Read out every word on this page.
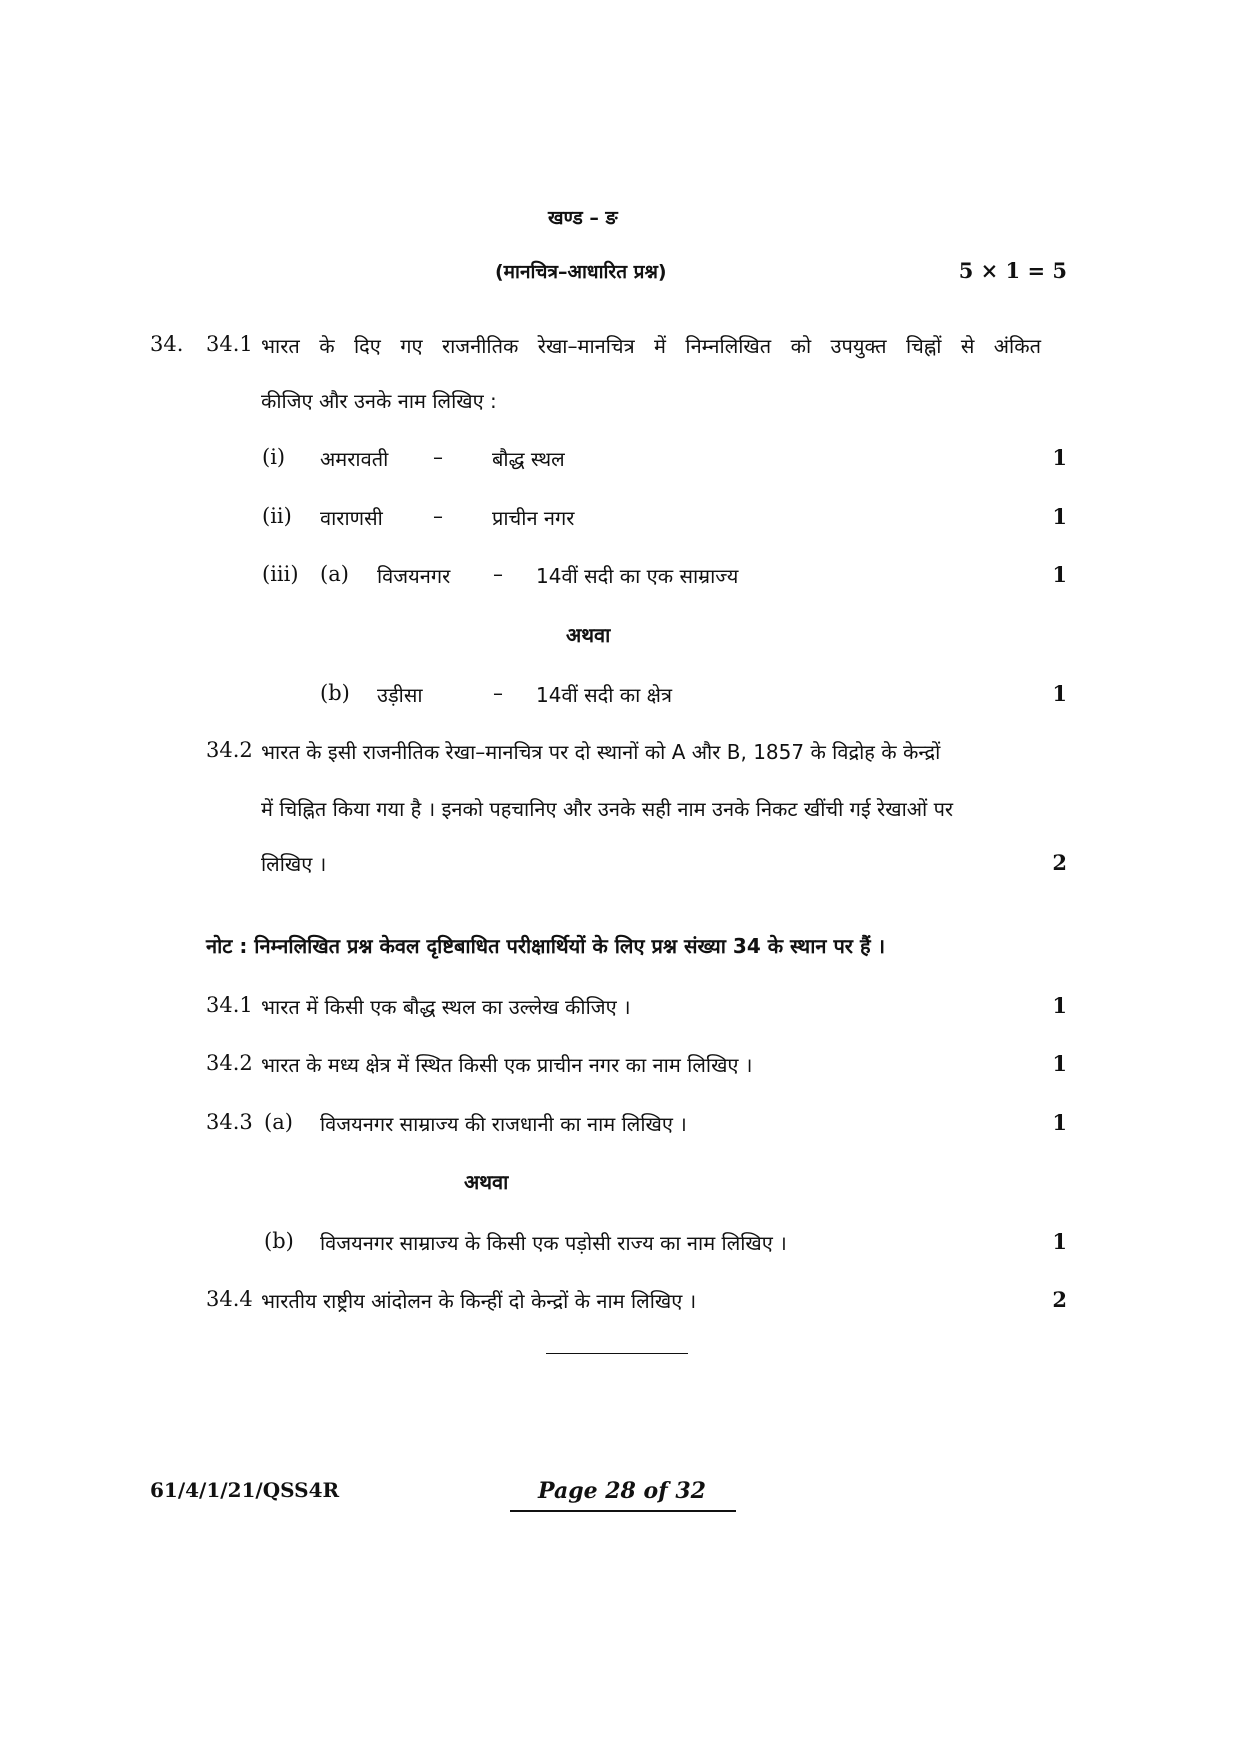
खण्ड – ङ
(मानचित्र–आधारित प्रश्न)	5 × 1 = 5
34. 34.1 भारत के दिए गए राजनीतिक रेखा–मानचित्र में निम्नलिखित को उपयुक्त चिह्नों से अंकित
कीजिए और उनके नाम लिखिए :
(i) अमरावती – बौद्ध स्थल	1
(ii) वाराणसी	– प्राचीन नगर	1
(iii) (a) विजयनगर – 14वीं सदी का एक साम्राज्य	1
अथवा
(b) उड़ीसा	– 14वीं सदी का क्षेत्र	1
34.2 भारत के इसी राजनीतिक रेखा–मानचित्र पर दो स्थानों को A और B, 1857 के विद्रोह के केन्द्रों
में चिह्नित किया गया है । इनको पहचानिए और उनके सही नाम उनके निकट खींची गई रेखाओं पर
लिखिए ।	2
नोट : निम्नलिखित प्रश्न केवल दृष्टिबाधित परीक्षार्थियों के लिए प्रश्न संख्या 34 के स्थान पर हैं ।
34.1 भारत में किसी एक बौद्ध स्थल का उल्लेख कीजिए ।	1
34.2 भारत के मध्य क्षेत्र में स्थित किसी एक प्राचीन नगर का नाम लिखिए ।	1
34.3 (a) विजयनगर साम्राज्य की राजधानी का नाम लिखिए ।	1
अथवा
(b) विजयनगर साम्राज्य के किसी एक पड़ोसी राज्य का नाम लिखिए ।	1
34.4 भारतीय राष्ट्रीय आंदोलन के किन्हीं दो केन्द्रों के नाम लिखिए ।	2
61/4/1/21/QSS4R	Page 28 of 32
